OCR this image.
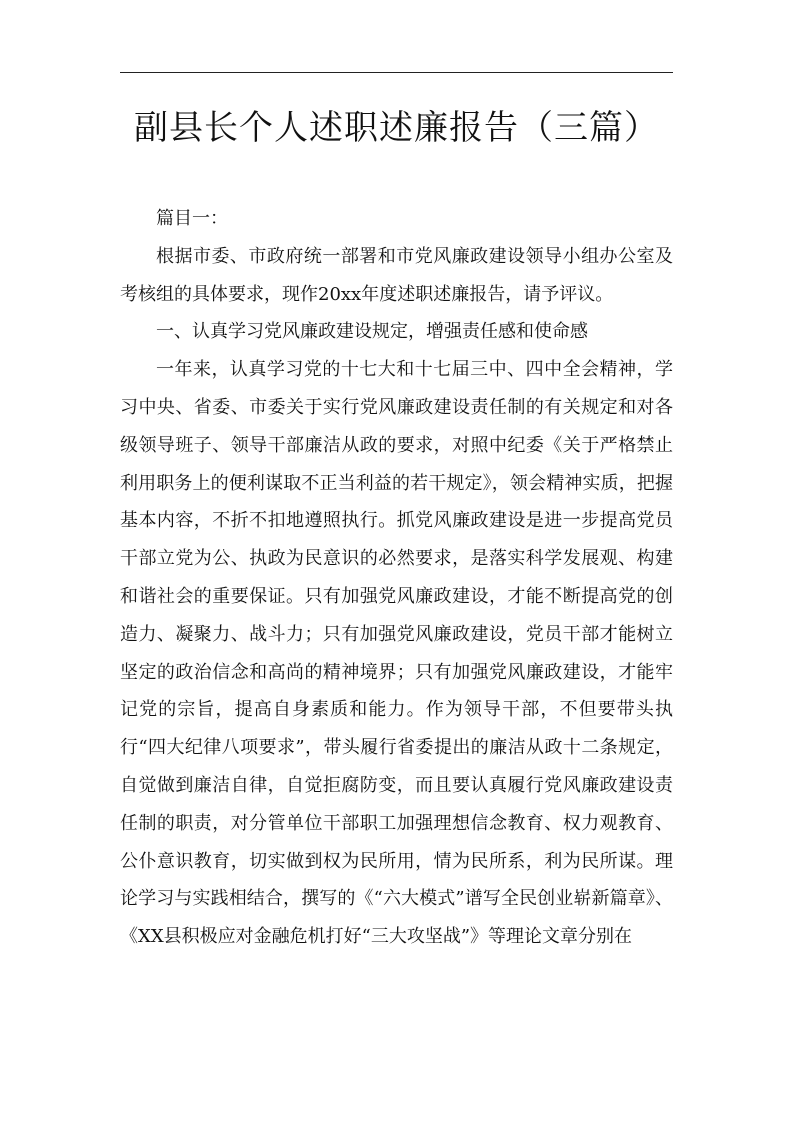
副县长个人述职述廉报告（三篇）

篇目一：

根据市委、市政府统一部署和市党风廉政建设领导小组办公室及考核组的具体要求，现作20xx年度述职述廉报告，请予评议。

一、认真学习党风廉政建设规定，增强责任感和使命感

一年来，认真学习党的十七大和十七届三中、四中全会精神，学习中央、省委、市委关于实行党风廉政建设责任制的有关规定和对各级领导班子、领导干部廉洁从政的要求，对照中纪委《关于严格禁止利用职务上的便利谋取不正当利益的若干规定》，领会精神实质，把握基本内容，不折不扣地遵照执行。抓党风廉政建设是进一步提高党员干部立党为公、执政为民意识的必然要求，是落实科学发展观、构建和谐社会的重要保证。只有加强党风廉政建设，才能不断提高党的创造力、凝聚力、战斗力；只有加强党风廉政建设，党员干部才能树立坚定的政治信念和高尚的精神境界；只有加强党风廉政建设，才能牢记党的宗旨，提高自身素质和能力。作为领导干部，不但要带头执行“四大纪律八项要求”，带头履行省委提出的廉洁从政十二条规定，自觉做到廉洁自律，自觉拒腐防变，而且要认真履行党风廉政建设责任制的职责，对分管单位干部职工加强理想信念教育、权力观教育、公仆意识教育，切实做到权为民所用，情为民所系，利为民所谋。理论学习与实践相结合，撰写的《“六大模式”谱写全民创业崭新篇章》、《XX县积极应对金融危机打好“三大攻坚战”》等理论文章分别在
